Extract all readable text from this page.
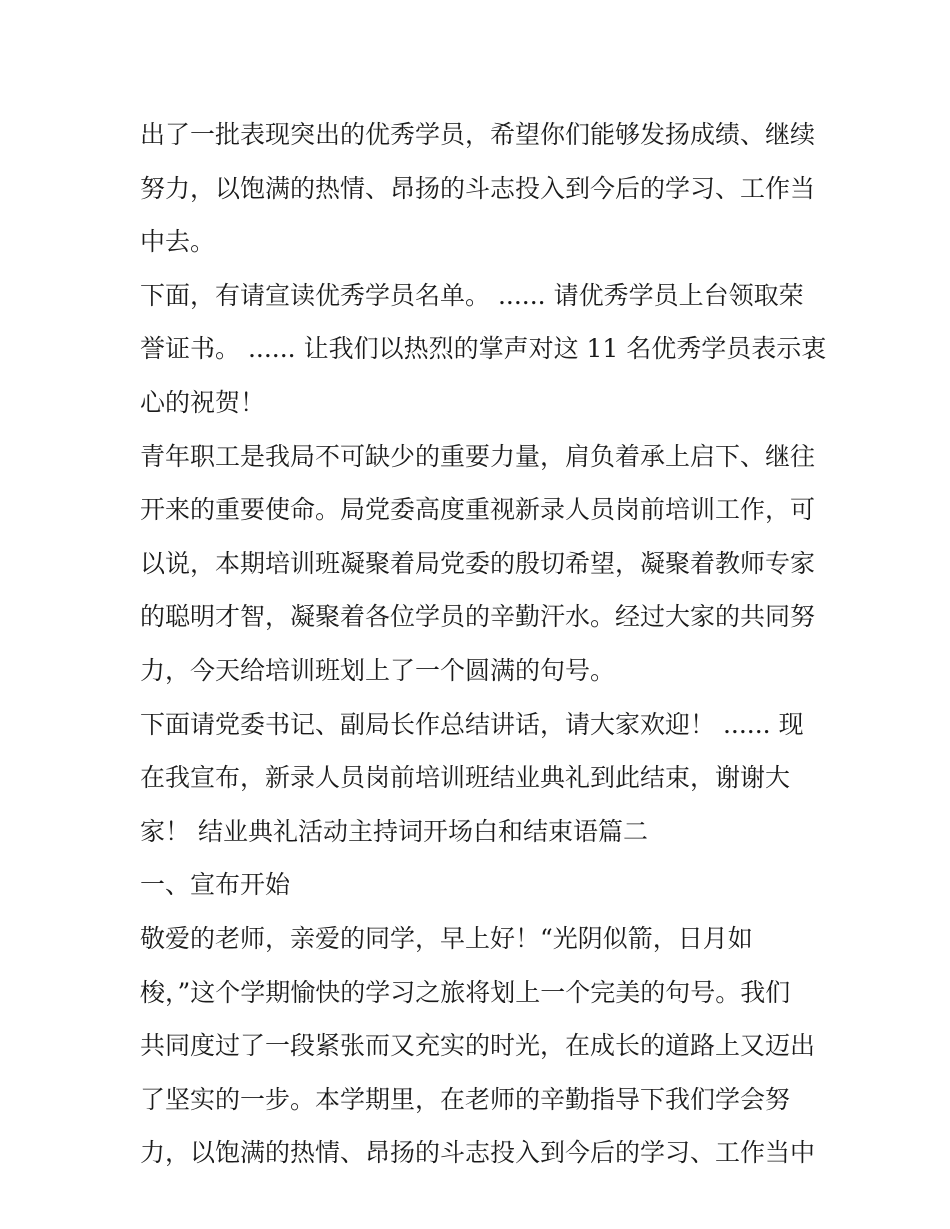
出了一批表现突出的优秀学员，希望你们能够发扬成绩、继续
努力，以饱满的热情、昂扬的斗志投入到今后的学习、工作当
中去。
下面，有请宣读优秀学员名单。 ...... 请优秀学员上台领取荣
誉证书。 ...... 让我们以热烈的掌声对这 11 名优秀学员表示衷
心的祝贺！
青年职工是我局不可缺少的重要力量，肩负着承上启下、继往
开来的重要使命。局党委高度重视新录人员岗前培训工作，可
以说，本期培训班凝聚着局党委的殷切希望，凝聚着教师专家
的聪明才智，凝聚着各位学员的辛勤汗水。经过大家的共同努
力，今天给培训班划上了一个圆满的句号。
下面请党委书记、副局长作总结讲话，请大家欢迎！ ...... 现
在我宣布，新录人员岗前培训班结业典礼到此结束，谢谢大
家！ 结业典礼活动主持词开场白和结束语篇二
一、宣布开始
敬爱的老师，亲爱的同学，早上好！“光阴似箭，日月如
梭，”这个学期愉快的学习之旅将划上一个完美的句号。我们
共同度过了一段紧张而又充实的时光，在成长的道路上又迈出
了坚实的一步。本学期里，在老师的辛勤指导下我们学会努
力，以饱满的热情、昂扬的斗志投入到今后的学习、工作当中
